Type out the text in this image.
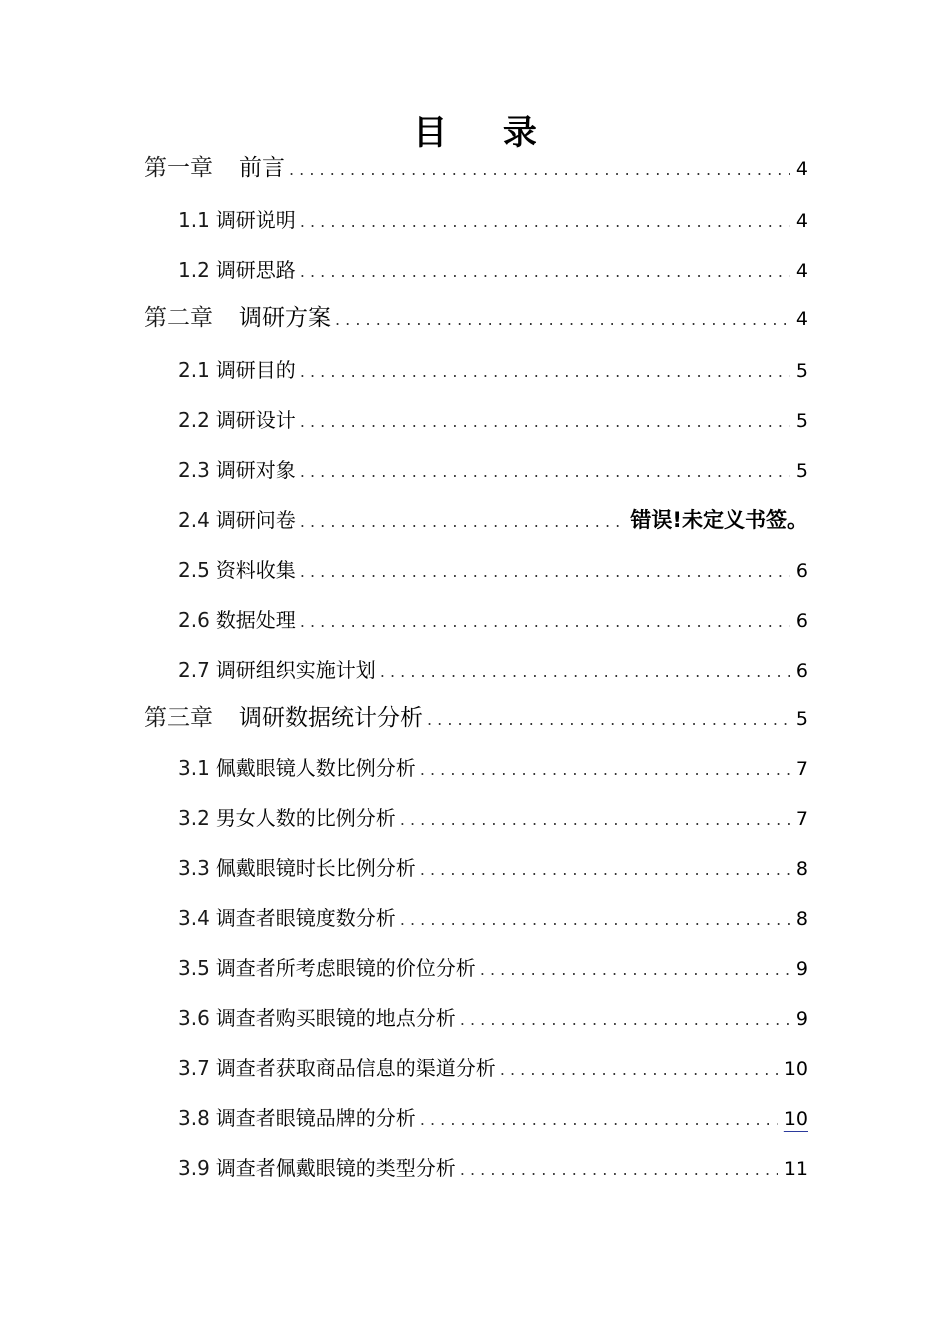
目 录
第一章	前言 . . .	4
1.1 调研说明 . . .	4
1.2 调研思路 . . .	4
第二章	调研方案 . . .	4
2.1 调研目的 . . .	5
2.2 调研设计 . . .	5
2.3 调研对象 . . .	5
2.4 调研问卷 . . .	错误!未定义书签。
2.5 资料收集 . . .	6
2.6 数据处理 . . .	6
2.7 调研组织实施计划 . . .	6
第三章	调研数据统计分析 . . .	5
3.1 佩戴眼镜人数比例分析 . . .	7
3.2 男女人数的比例分析 . . .	7
3.3 佩戴眼镜时长比例分析 . . .	8
3.4 调查者眼镜度数分析 . . .	8
3.5 调查者所考虑眼镜的价位分析 . . .	9
3.6 调查者购买眼镜的地点分析 . . .	9
3.7 调查者获取商品信息的渠道分析 . . .	10
3.8 调查者眼镜品牌的分析 . . .	10
3.9 调查者佩戴眼镜的类型分析 . . .	11
